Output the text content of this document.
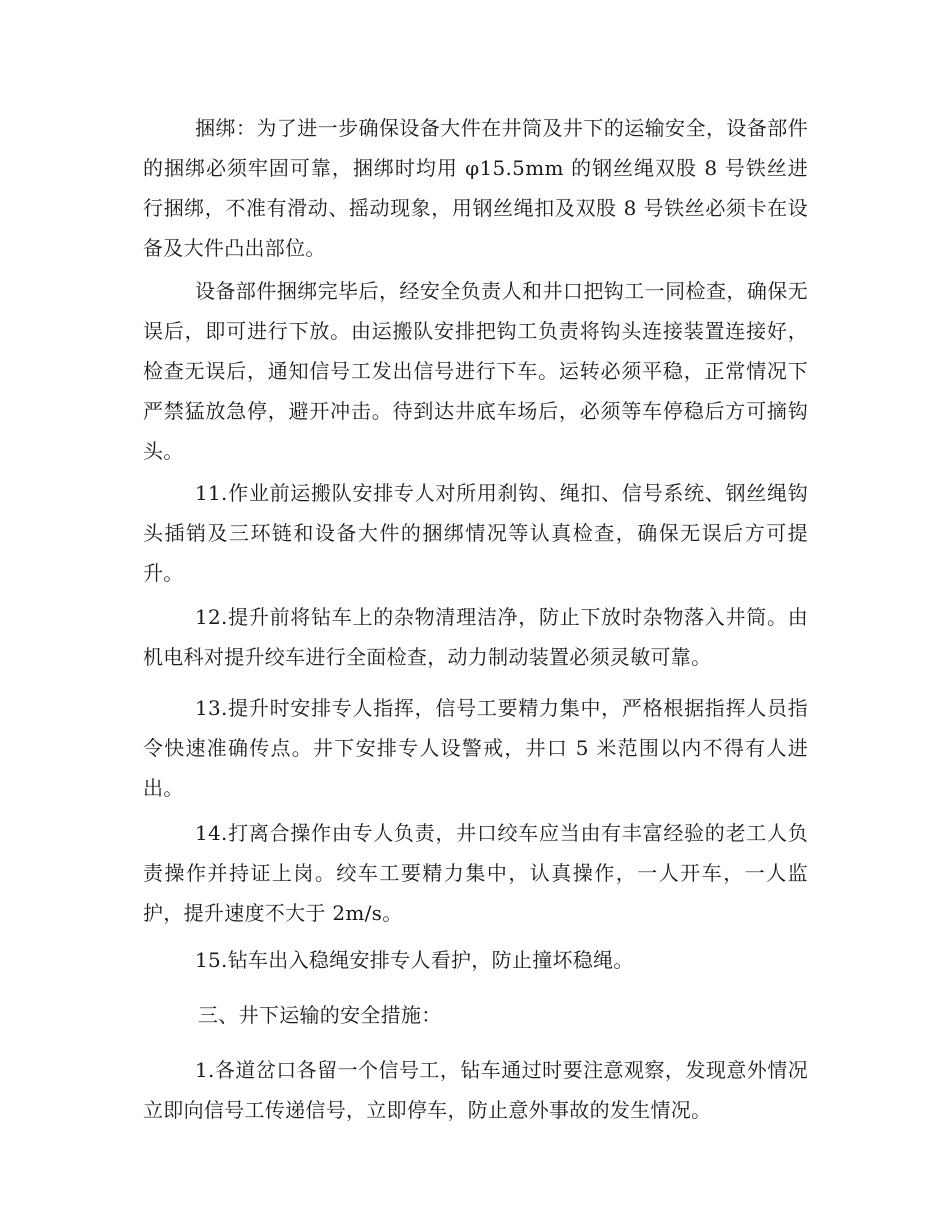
捆绑：为了进一步确保设备大件在井筒及井下的运输安全，设备部件的捆绑必须牢固可靠，捆绑时均用 φ15.5mm 的钢丝绳双股 8 号铁丝进行捆绑，不准有滑动、摇动现象，用钢丝绳扣及双股 8 号铁丝必须卡在设备及大件凸出部位。

设备部件捆绑完毕后，经安全负责人和井口把钩工一同检查，确保无误后，即可进行下放。由运搬队安排把钩工负责将钩头连接装置连接好，检查无误后，通知信号工发出信号进行下车。运转必须平稳，正常情况下严禁猛放急停，避开冲击。待到达井底车场后，必须等车停稳后方可摘钩头。

11.作业前运搬队安排专人对所用刹钩、绳扣、信号系统、钢丝绳钩头插销及三环链和设备大件的捆绑情况等认真检查，确保无误后方可提升。

12.提升前将钻车上的杂物清理洁净，防止下放时杂物落入井筒。由机电科对提升绞车进行全面检查，动力制动装置必须灵敏可靠。

13.提升时安排专人指挥，信号工要精力集中，严格根据指挥人员指令快速准确传点。井下安排专人设警戒，井口 5 米范围以内不得有人进出。

14.打离合操作由专人负责，井口绞车应当由有丰富经验的老工人负责操作并持证上岗。绞车工要精力集中，认真操作，一人开车，一人监护，提升速度不大于 2m/s。

15.钻车出入稳绳安排专人看护，防止撞坏稳绳。

三、井下运输的安全措施：

1.各道岔口各留一个信号工，钻车通过时要注意观察，发现意外情况立即向信号工传递信号，立即停车，防止意外事故的发生情况。
